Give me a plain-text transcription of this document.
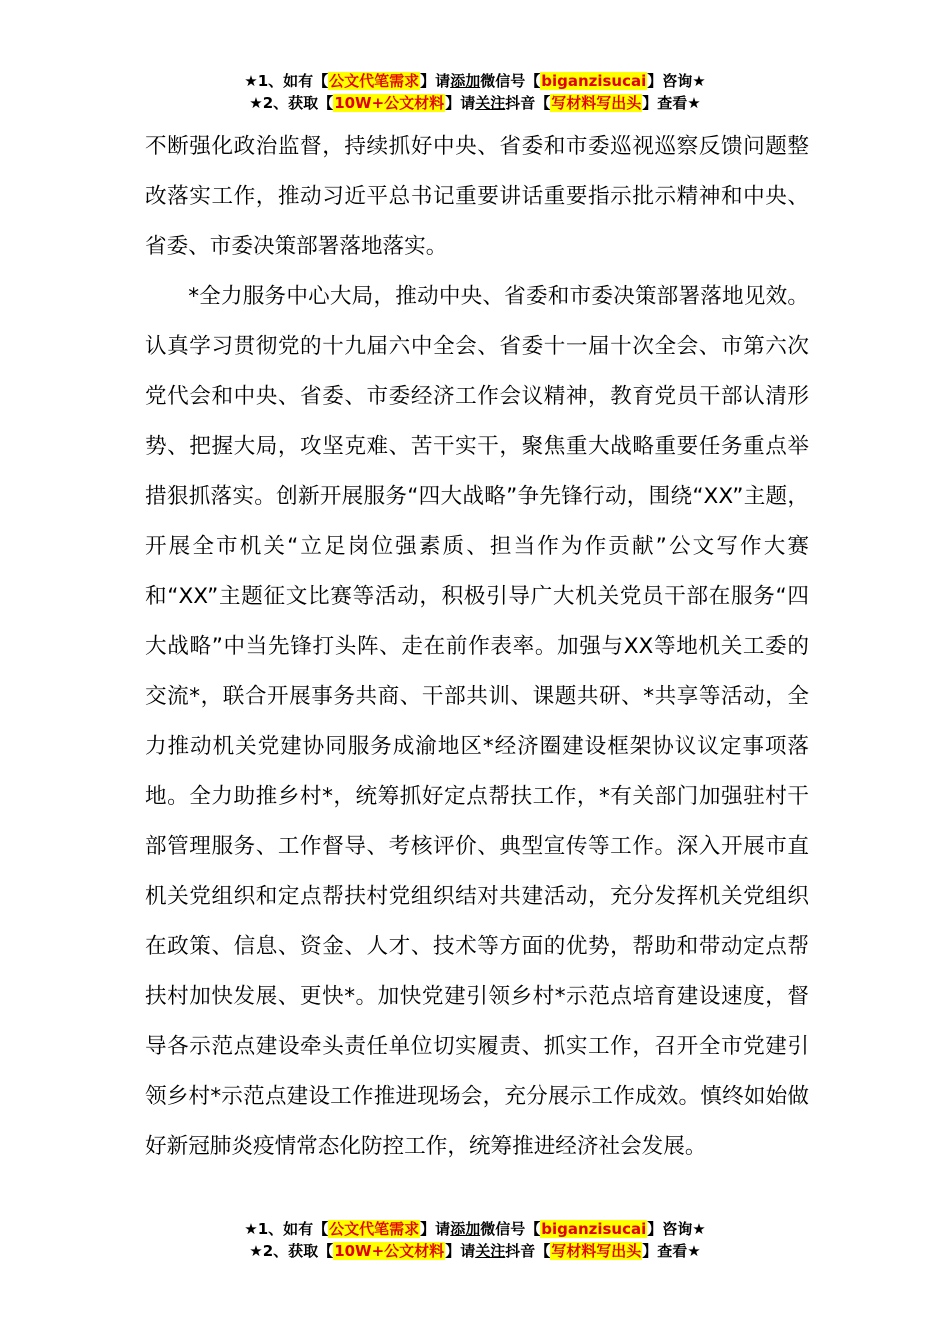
★1、如有【公文代笔需求】请添加微信号【biganzisucai】咨询★
★2、获取【10W+公文材料】请关注抖音【写材料写出头】查看★

不断强化政治监督，持续抓好中央、省委和市委巡视巡察反馈问题整改落实工作，推动习近平总书记重要讲话重要指示批示精神和中央、省委、市委决策部署落地落实。

*全力服务中心大局，推动中央、省委和市委决策部署落地见效。认真学习贯彻党的十九届六中全会、省委十一届十次全会、市第六次党代会和中央、省委、市委经济工作会议精神，教育党员干部认清形势、把握大局，攻坚克难、苦干实干，聚焦重大战略重要任务重点举措狠抓落实。创新开展服务“四大战略”争先锋行动，围绕“XX”主题，开展全市机关“立足岗位强素质、担当作为作贡献”公文写作大赛和“XX”主题征文比赛等活动，积极引导广大机关党员干部在服务“四大战略”中当先锋打头阵、走在前作表率。加强与XX等地机关工委的交流*，联合开展事务共商、干部共训、课题共研、*共享等活动，全力推动机关党建协同服务成渝地区*经济圈建设框架协议议定事项落地。全力助推乡村*，统筹抓好定点帮扶工作，*有关部门加强驻村干部管理服务、工作督导、考核评价、典型宣传等工作。深入开展市直机关党组织和定点帮扶村党组织结对共建活动，充分发挥机关党组织在政策、信息、资金、人才、技术等方面的优势，帮助和带动定点帮扶村加快发展、更快*。加快党建引领乡村*示范点培育建设速度，督导各示范点建设牵头责任单位切实履责、抓实工作，召开全市党建引领乡村*示范点建设工作推进现场会，充分展示工作成效。慎终如始做好新冠肺炎疫情常态化防控工作，统筹推进经济社会发展。

★1、如有【公文代笔需求】请添加微信号【biganzisucai】咨询★
★2、获取【10W+公文材料】请关注抖音【写材料写出头】查看★
